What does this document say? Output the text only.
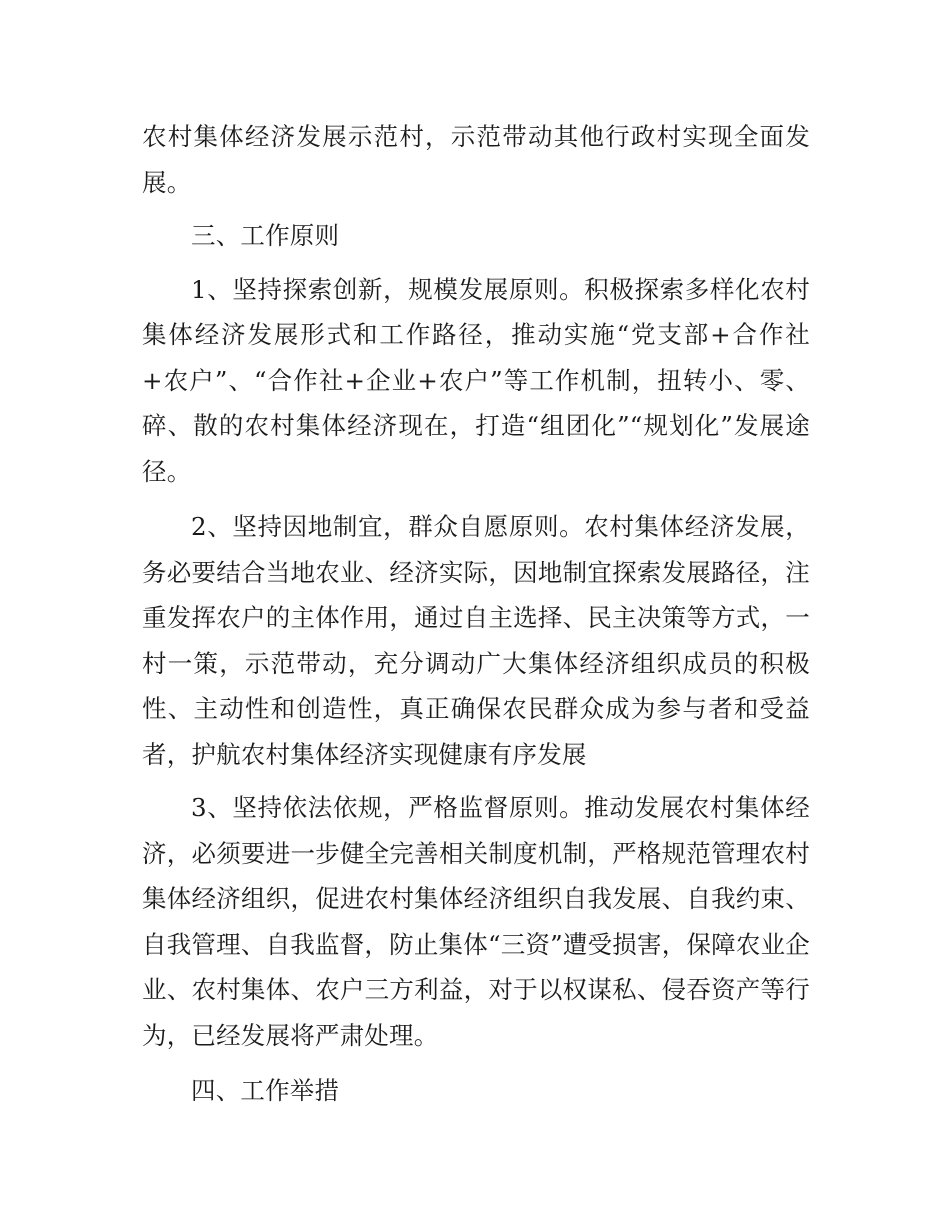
农村集体经济发展示范村，示范带动其他行政村实现全面发展。

三、工作原则

1、坚持探索创新，规模发展原则。积极探索多样化农村集体经济发展形式和工作路径，推动实施“党支部+合作社+农户”、“合作社+企业+农户”等工作机制，扭转小、零、碎、散的农村集体经济现在，打造“组团化”“规划化”发展途径。

2、坚持因地制宜，群众自愿原则。农村集体经济发展，务必要结合当地农业、经济实际，因地制宜探索发展路径，注重发挥农户的主体作用，通过自主选择、民主决策等方式，一村一策，示范带动，充分调动广大集体经济组织成员的积极性、主动性和创造性，真正确保农民群众成为参与者和受益者，护航农村集体经济实现健康有序发展

3、坚持依法依规，严格监督原则。推动发展农村集体经济，必须要进一步健全完善相关制度机制，严格规范管理农村集体经济组织，促进农村集体经济组织自我发展、自我约束、自我管理、自我监督，防止集体“三资”遭受损害，保障农业企业、农村集体、农户三方利益，对于以权谋私、侵吞资产等行为，已经发展将严肃处理。

四、工作举措
